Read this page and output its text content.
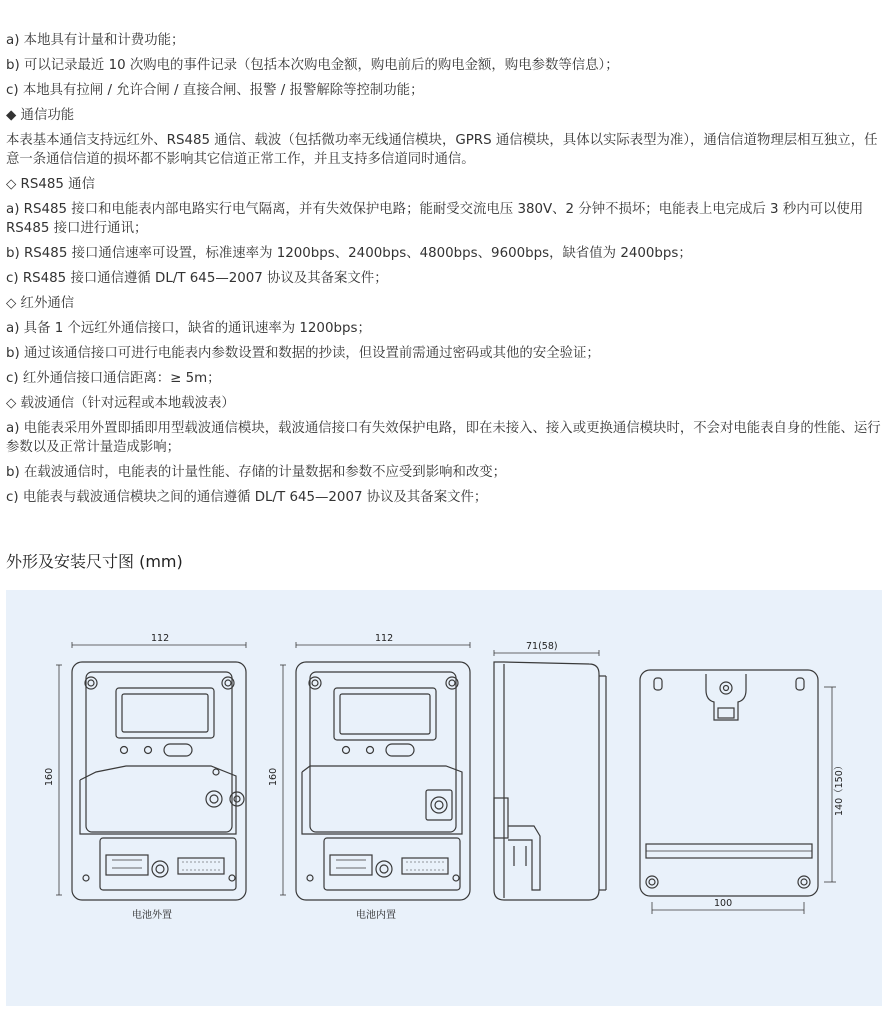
a) 本地具有计量和计费功能；

b) 可以记录最近 10 次购电的事件记录（包括本次购电金额，购电前后的购电金额，购电参数等信息）；

c) 本地具有拉闸 / 允许合闸 / 直接合闸、报警 / 报警解除等控制功能；

◆ 通信功能

本表基本通信支持远红外、RS485 通信、载波（包括微功率无线通信模块，GPRS 通信模块，具体以实际表型为准），通信信道物理层相互独立，任意一条通信信道的损坏都不影响其它信道正常工作，并且支持多信道同时通信。

◇ RS485 通信

a) RS485 接口和电能表内部电路实行电气隔离，并有失效保护电路；能耐受交流电压 380V、2 分钟不损坏；电能表上电完成后 3 秒内可以使用 RS485 接口进行通讯；

b) RS485 接口通信速率可设置，标准速率为 1200bps、2400bps、4800bps、9600bps，缺省值为 2400bps；

c) RS485 接口通信遵循 DL/T 645—2007 协议及其备案文件；

◇ 红外通信

a) 具备 1 个远红外通信接口，缺省的通讯速率为 1200bps；

b) 通过该通信接口可进行电能表内参数设置和数据的抄读，但设置前需通过密码或其他的安全验证；

c) 红外通信接口通信距离：≥ 5m；

◇ 载波通信（针对远程或本地载波表）

a) 电能表采用外置即插即用型载波通信模块，载波通信接口有失效保护电路，即在未接入、接入或更换通信模块时，不会对电能表自身的性能、运行参数以及正常计量造成影响；

b) 在载波通信时，电能表的计量性能、存储的计量数据和参数不应受到影响和改变；

c) 电能表与载波通信模块之间的通信遵循 DL/T 645—2007 协议及其备案文件；

外形及安装尺寸图 (mm)
112
160
电池外置
112
160
电池内置
71(58)
140（150）
100
